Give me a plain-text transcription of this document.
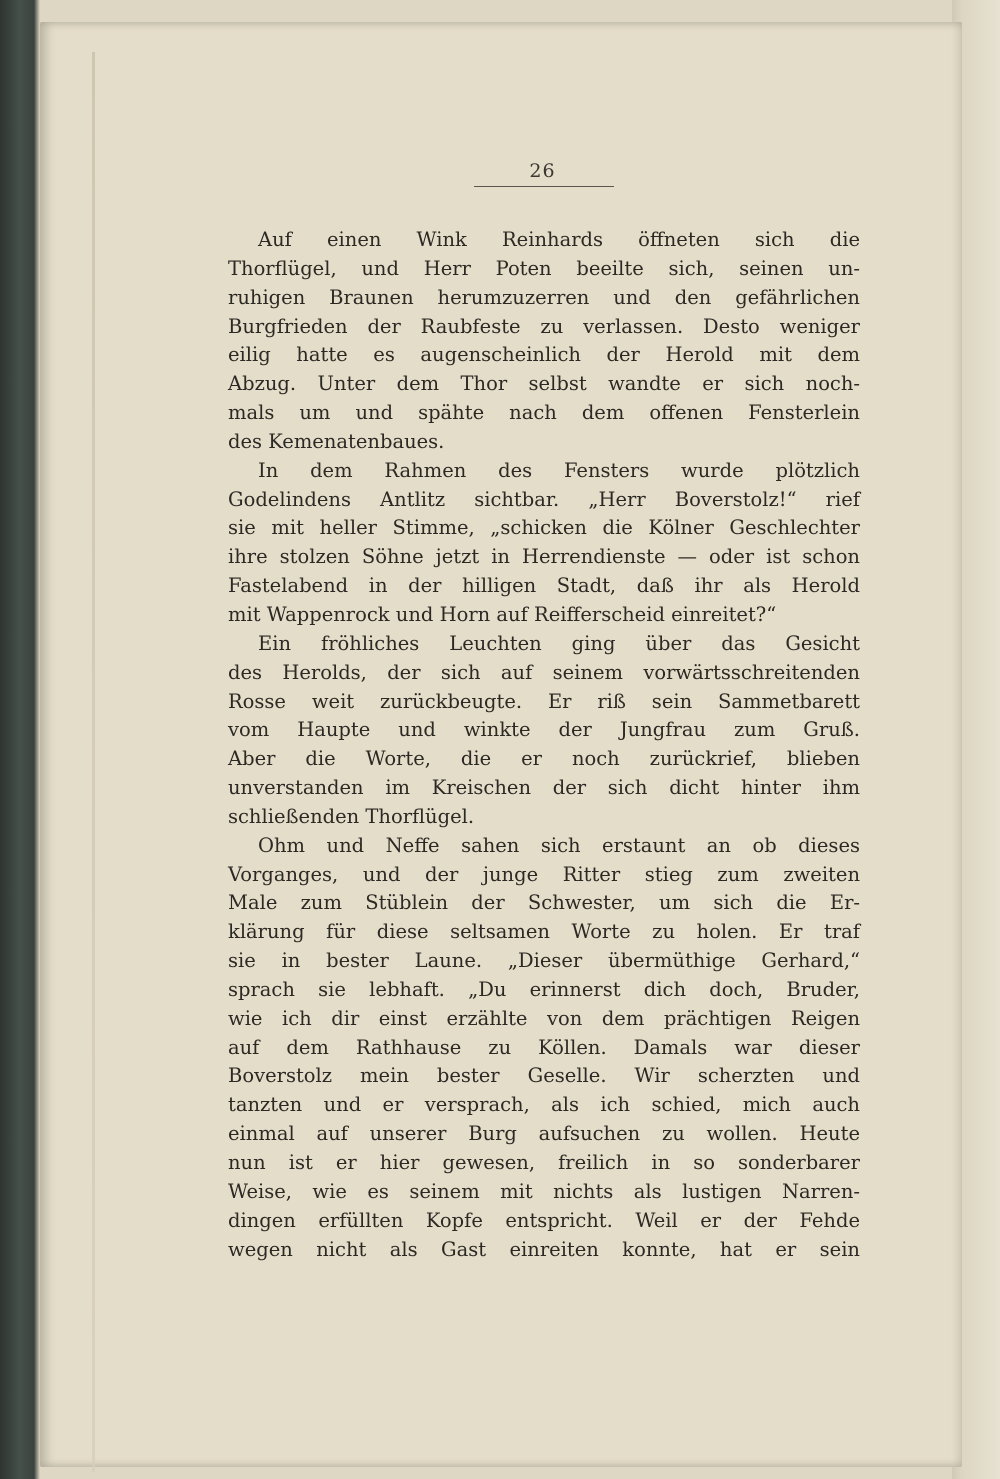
26
Auf einen Wink Reinhards öffneten sich die
Thorflügel, und Herr Poten beeilte sich, seinen un-
ruhigen Braunen herumzuzerren und den gefährlichen
Burgfrieden der Raubfeste zu verlassen. Desto weniger
eilig hatte es augenscheinlich der Herold mit dem
Abzug. Unter dem Thor selbst wandte er sich noch-
mals um und spähte nach dem offenen Fensterlein
des Kemenatenbaues.
In dem Rahmen des Fensters wurde plötzlich
Godelindens Antlitz sichtbar. „Herr Boverstolz!“ rief
sie mit heller Stimme, „schicken die Kölner Geschlechter
ihre stolzen Söhne jetzt in Herrendienste — oder ist schon
Fastelabend in der hilligen Stadt, daß ihr als Herold
mit Wappenrock und Horn auf Reifferscheid einreitet?“
Ein fröhliches Leuchten ging über das Gesicht
des Herolds, der sich auf seinem vorwärtsschreitenden
Rosse weit zurückbeugte. Er riß sein Sammetbarett
vom Haupte und winkte der Jungfrau zum Gruß.
Aber die Worte, die er noch zurückrief, blieben
unverstanden im Kreischen der sich dicht hinter ihm
schließenden Thorflügel.
Ohm und Neffe sahen sich erstaunt an ob dieses
Vorganges, und der junge Ritter stieg zum zweiten
Male zum Stüblein der Schwester, um sich die Er-
klärung für diese seltsamen Worte zu holen. Er traf
sie in bester Laune. „Dieser übermüthige Gerhard,“
sprach sie lebhaft. „Du erinnerst dich doch, Bruder,
wie ich dir einst erzählte von dem prächtigen Reigen
auf dem Rathhause zu Köllen. Damals war dieser
Boverstolz mein bester Geselle. Wir scherzten und
tanzten und er versprach, als ich schied, mich auch
einmal auf unserer Burg aufsuchen zu wollen. Heute
nun ist er hier gewesen, freilich in so sonderbarer
Weise, wie es seinem mit nichts als lustigen Narren-
dingen erfüllten Kopfe entspricht. Weil er der Fehde
wegen nicht als Gast einreiten konnte, hat er sein
